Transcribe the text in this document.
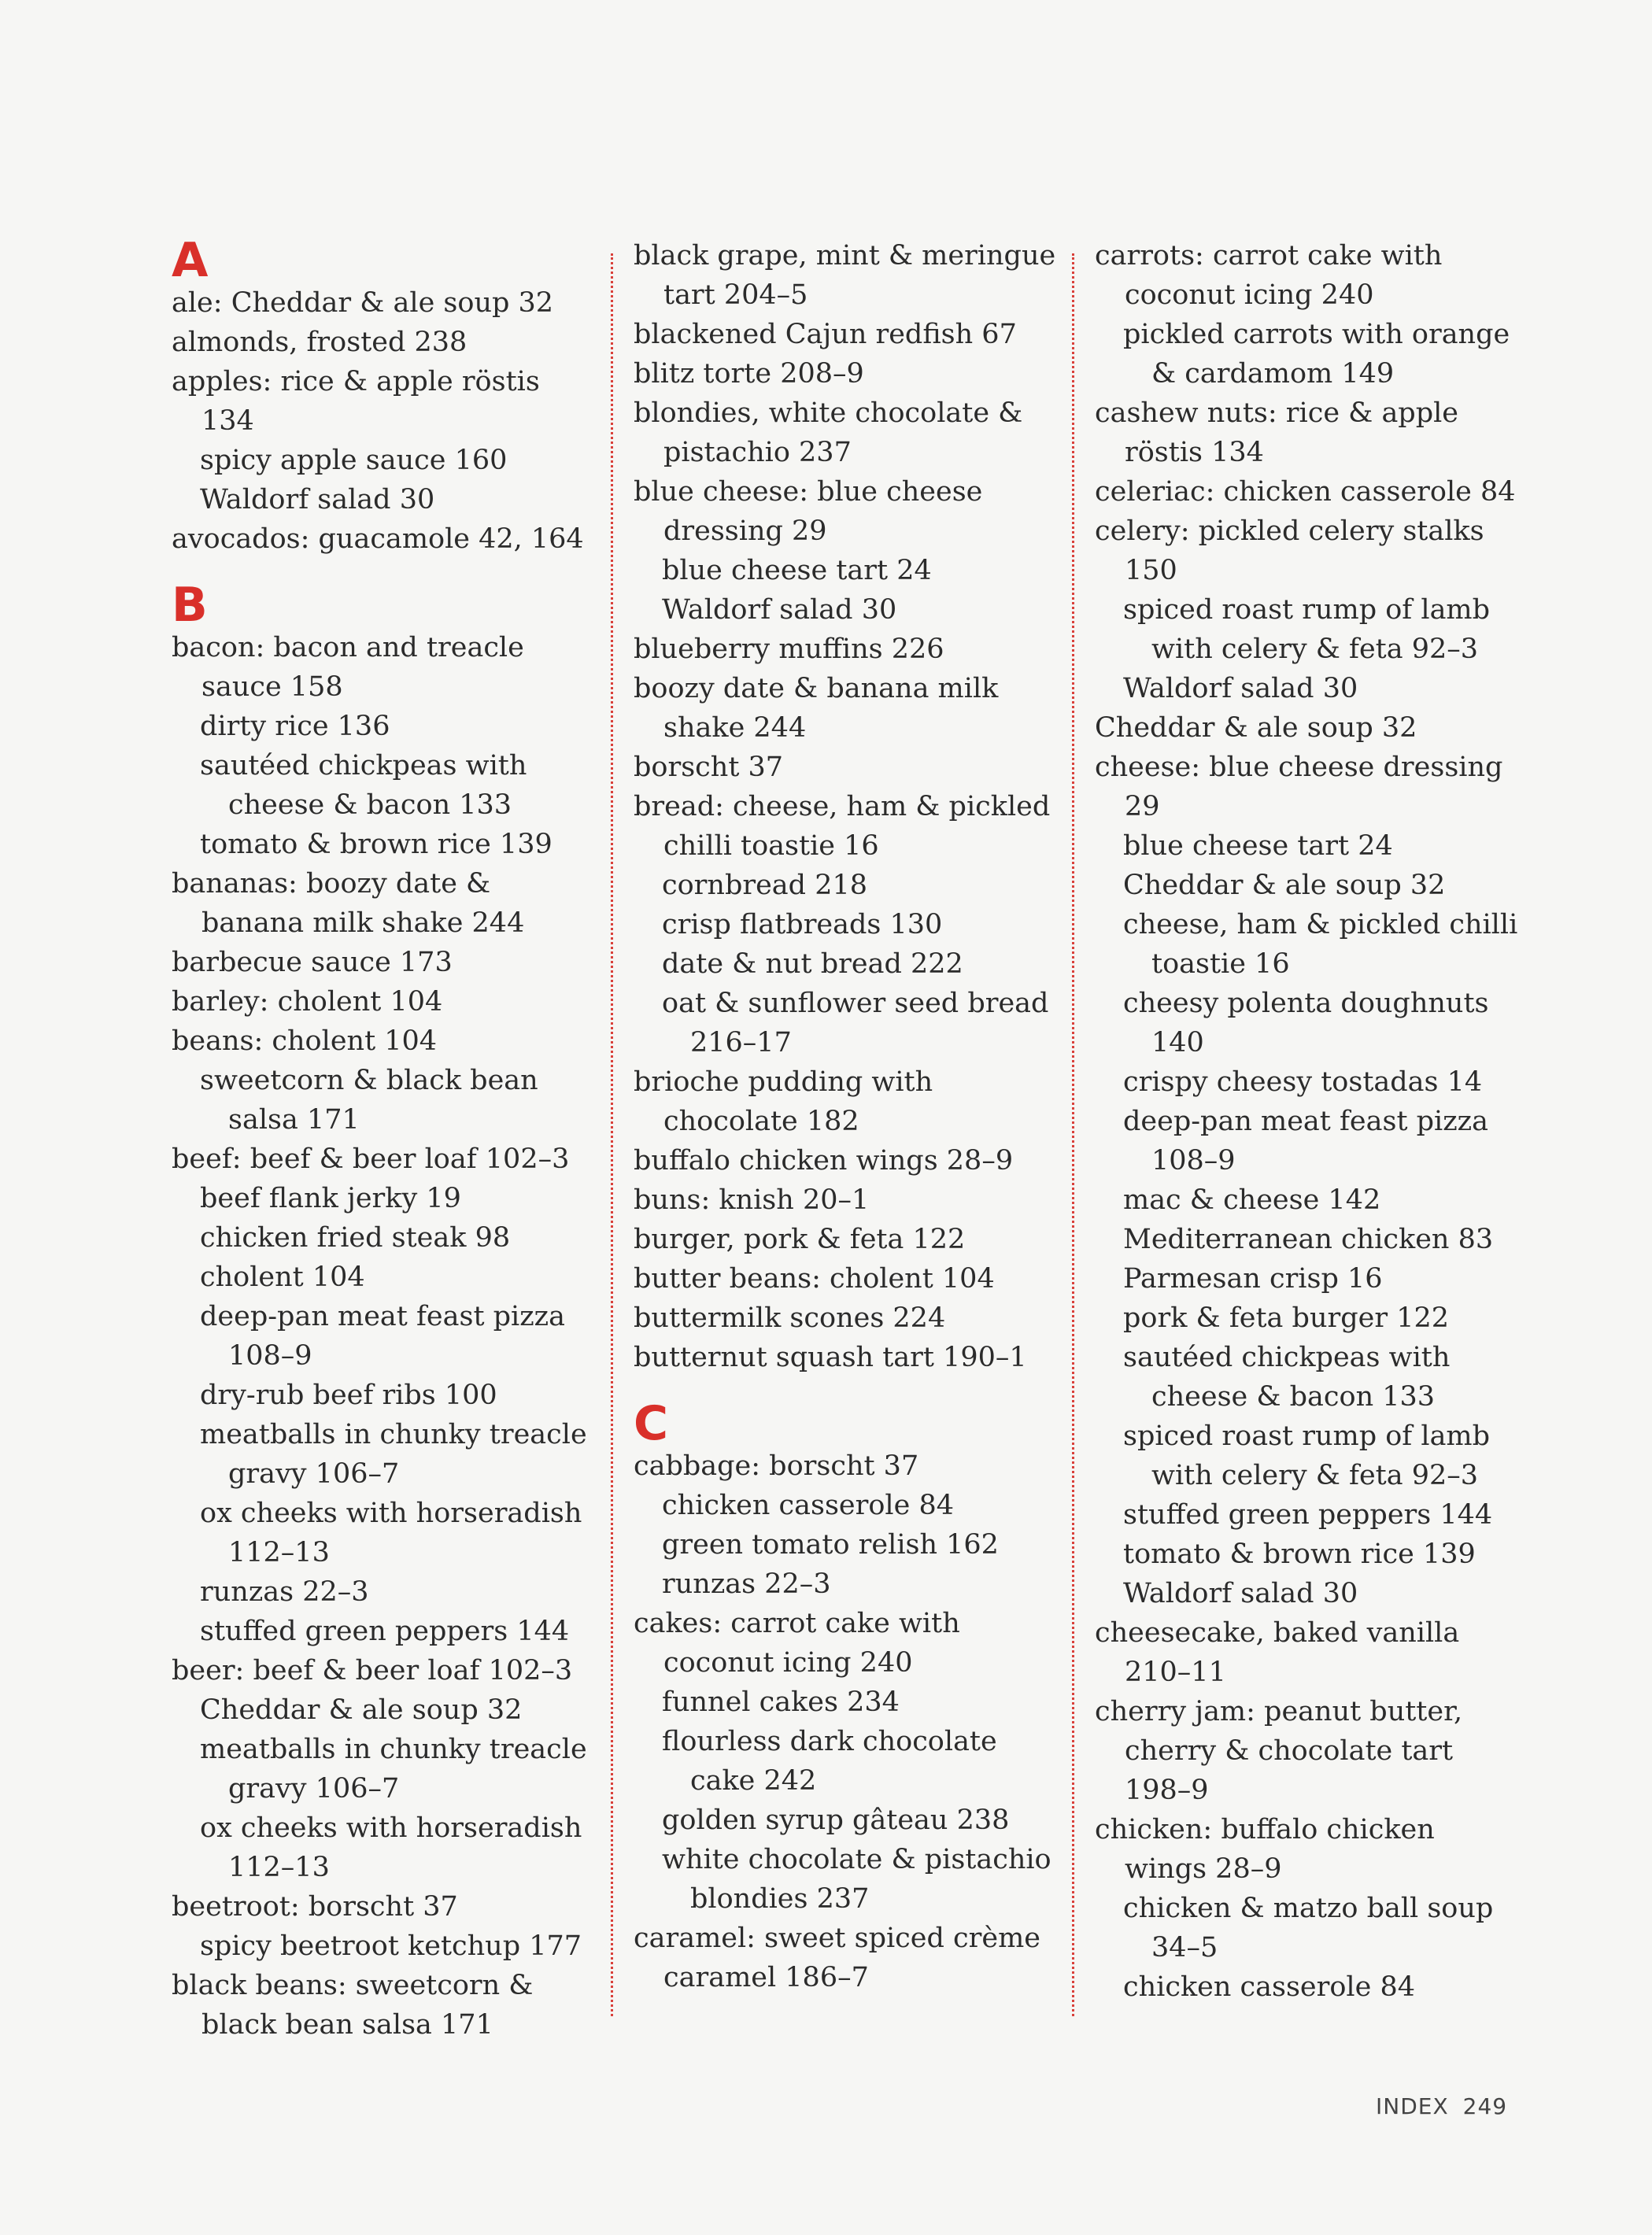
A

ale: Cheddar & ale soup 32

almonds, frosted 238

apples: rice & apple röstis 134

spicy apple sauce 160

Waldorf salad 30

avocados: guacamole 42, 164

B

bacon: bacon and treacle sauce 158

dirty rice 136

sautéed chickpeas with cheese & bacon 133

tomato & brown rice 139

bananas: boozy date & banana milk shake 244

barbecue sauce 173

barley: cholent 104

beans: cholent 104

sweetcorn & black bean salsa 171

beef: beef & beer loaf 102–3

beef flank jerky 19

chicken fried steak 98

cholent 104

deep-pan meat feast pizza 108–9

dry-rub beef ribs 100

meatballs in chunky treacle gravy 106–7

ox cheeks with horseradish 112–13

runzas 22–3

stuffed green peppers 144

beer: beef & beer loaf 102–3

Cheddar & ale soup 32

meatballs in chunky treacle gravy 106–7

ox cheeks with horseradish 112–13

beetroot: borscht 37

spicy beetroot ketchup 177

black beans: sweetcorn & black bean salsa 171

black grape, mint & meringue tart 204–5

blackened Cajun redfish 67

blitz torte 208–9

blondies, white chocolate & pistachio 237

blue cheese: blue cheese dressing 29

blue cheese tart 24

Waldorf salad 30

blueberry muffins 226

boozy date & banana milk shake 244

borscht 37

bread: cheese, ham & pickled chilli toastie 16

cornbread 218

crisp flatbreads 130

date & nut bread 222

oat & sunflower seed bread 216–17

brioche pudding with chocolate 182

buffalo chicken wings 28–9

buns: knish 20–1

burger, pork & feta 122

butter beans: cholent 104

buttermilk scones 224

butternut squash tart 190–1

C

cabbage: borscht 37

chicken casserole 84

green tomato relish 162

runzas 22–3

cakes: carrot cake with coconut icing 240

funnel cakes 234

flourless dark chocolate cake 242

golden syrup gâteau 238

white chocolate & pistachio blondies 237

caramel: sweet spiced crème caramel 186–7

carrots: carrot cake with coconut icing 240

pickled carrots with orange & cardamom 149

cashew nuts: rice & apple röstis 134

celeriac: chicken casserole 84

celery: pickled celery stalks 150

spiced roast rump of lamb with celery & feta 92–3

Waldorf salad 30

Cheddar & ale soup 32

cheese: blue cheese dressing 29

blue cheese tart 24

Cheddar & ale soup 32

cheese, ham & pickled chilli toastie 16

cheesy polenta doughnuts 140

crispy cheesy tostadas 14

deep-pan meat feast pizza 108–9

mac & cheese 142

Mediterranean chicken 83

Parmesan crisp 16

pork & feta burger 122

sautéed chickpeas with cheese & bacon 133

spiced roast rump of lamb with celery & feta 92–3

stuffed green peppers 144

tomato & brown rice 139

Waldorf salad 30

cheesecake, baked vanilla 210–11

cherry jam: peanut butter, cherry & chocolate tart 198–9

chicken: buffalo chicken wings 28–9

chicken & matzo ball soup 34–5

chicken casserole 84

INDEX 249
